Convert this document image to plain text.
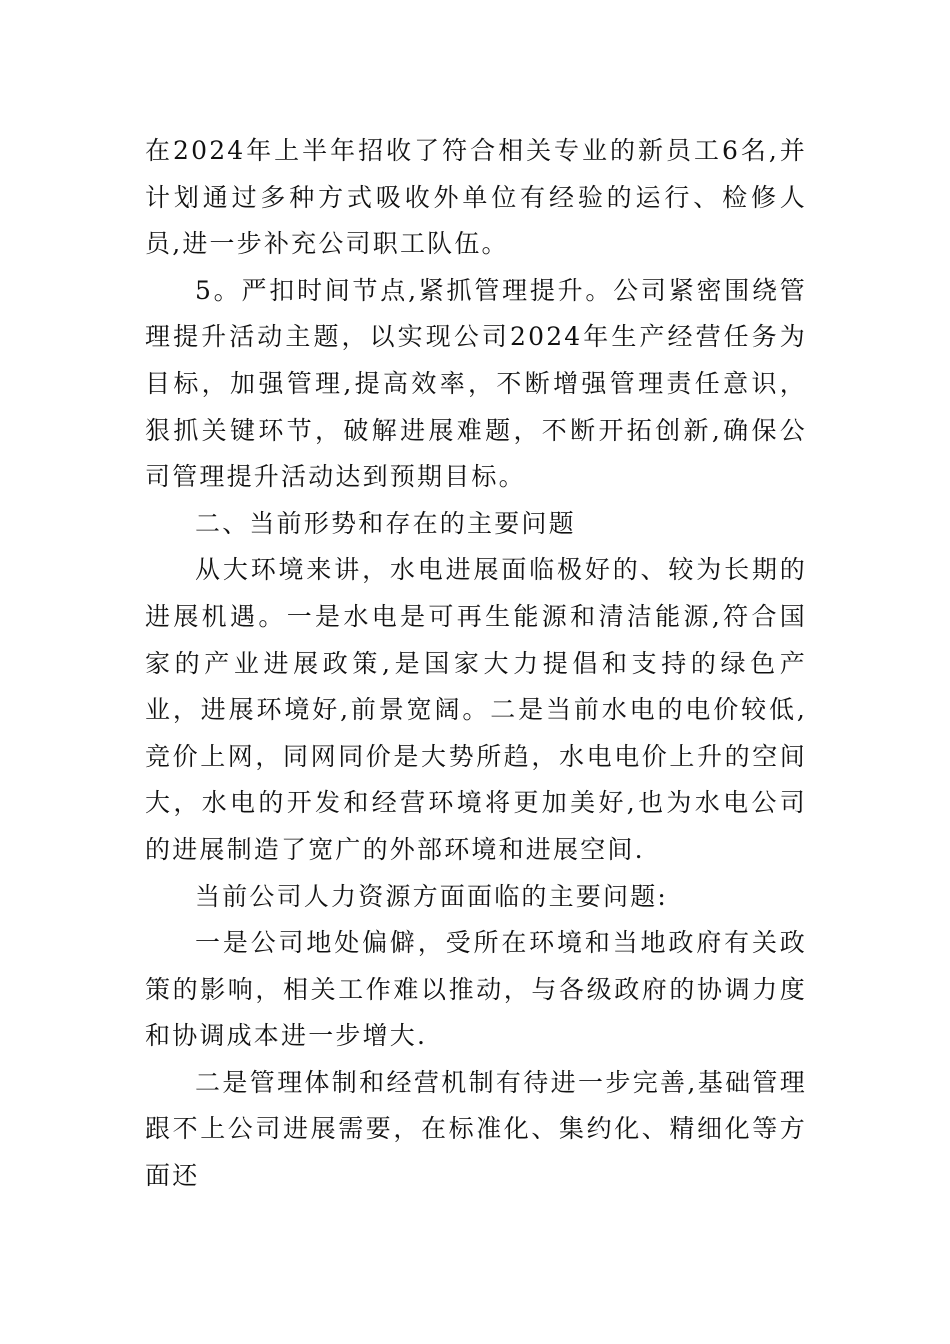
在2024年上半年招收了符合相关专业的新员工6名,并计划通过多种方式吸收外单位有经验的运行、检修人员,进一步补充公司职工队伍。

5。严扣时间节点,紧抓管理提升。公司紧密围绕管理提升活动主题，以实现公司2024年生产经营任务为目标，加强管理,提高效率，不断增强管理责任意识，狠抓关键环节，破解进展难题，不断开拓创新,确保公司管理提升活动达到预期目标。

二、当前形势和存在的主要问题

从大环境来讲，水电进展面临极好的、较为长期的进展机遇。一是水电是可再生能源和清洁能源,符合国家的产业进展政策,是国家大力提倡和支持的绿色产业，进展环境好,前景宽阔。二是当前水电的电价较低,竞价上网，同网同价是大势所趋，水电电价上升的空间大，水电的开发和经营环境将更加美好,也为水电公司的进展制造了宽广的外部环境和进展空间.

当前公司人力资源方面面临的主要问题:

一是公司地处偏僻，受所在环境和当地政府有关政策的影响，相关工作难以推动，与各级政府的协调力度和协调成本进一步增大.

二是管理体制和经营机制有待进一步完善,基础管理跟不上公司进展需要，在标准化、集约化、精细化等方面还
